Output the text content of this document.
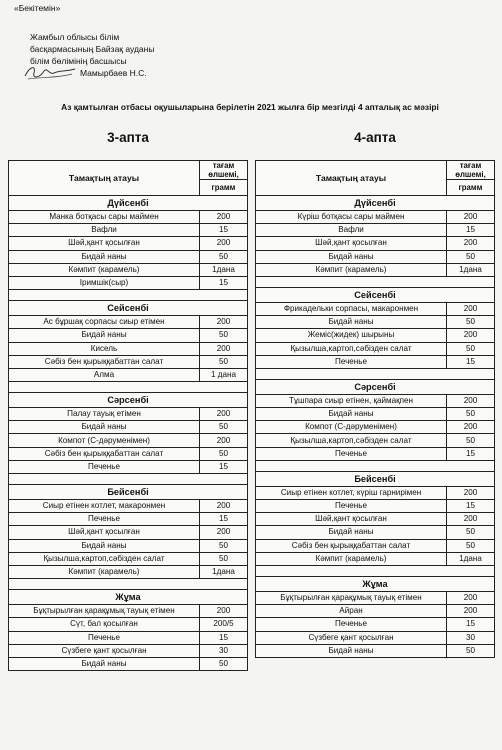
«Бекітемін»
Жамбыл облысы білім
басқармасының Байзақ ауданы
білім бөлімінің басшысы
Мамырбаев Н.С.
Аз қамтылған отбасы оқушыларына берілетін 2021 жылға бір мезгілді 4 апталық ас мәзірі
3-апта	4-апта
Тамақтың атауы	тағам
өлшемі,

	грамм
Дүйсенбі	
Манка ботқасы сары маймен	200
Вафли	15
Шәй,қант қосылған	200
Бидай наны	50
Кәмпит (карамель)	1дана
Іримшік(сыр)	15

Сейсенбі	
Ас бұршақ сорпасы сиыр етімен	200
Бидай наны	50
Кисель	200
Сәбіз бен қырыққабаттан салат	50
Алма	1 дана

Сәрсенбі	
Палау тауық етімен	200
Бидай наны	50
Компот (С-дәруменімен)	200
Сәбіз бен қырыққабаттан салат	50
Печенье	15

Бейсенбі	
Сиыр етінен котлет, макаронмен	200
Печенье	15
Шәй,қант қосылған	200
Бидай наны	50
Қызылша,картоп,сәбізден салат	50
Кәмпит (карамель)	1дана

Жұма	
Бұқтырылған қарақұмық тауық етімен	200
Сүт, бал қосылған	200/5
Печенье	15
Сүзбеге қант қосылған	30
Бидай наны	50
Тамақтың атауы	тағам
өлшемі,

	грамм
Дүйсенбі	
Күріш ботқасы сары маймен	200
Вафли	15
Шәй,қант қосылған	200
Бидай наны	50
Кәмпит (карамель)	1дана

Сейсенбі	
Фрикадельки сорпасы, макаронмен	200
Бидай наны	50
Жеміс(жидек) шырыны	200
Қызылша,картоп,сәбізден салат	50
Печенье	15

Сәрсенбі	
Тұшпара сиыр етінен, қаймақпен	200
Бидай наны	50
Компот (С-дәруменімен)	200
Қызылша,картоп,сәбізден салат	50
Печенье	15

Бейсенбі	
Сиыр етінен котлет, күріш гарнирімен	200
Печенье	15
Шәй,қант қосылған	200
Бидай наны	50
Сәбіз бен қырыққабаттан салат	50
Кәмпит (карамель)	1дана

Жұма	
Бұқтырылған қарақұмық тауық етімен	200
Айран	200
Печенье	15
Сүзбеге қант қосылған	30
Бидай наны	50
